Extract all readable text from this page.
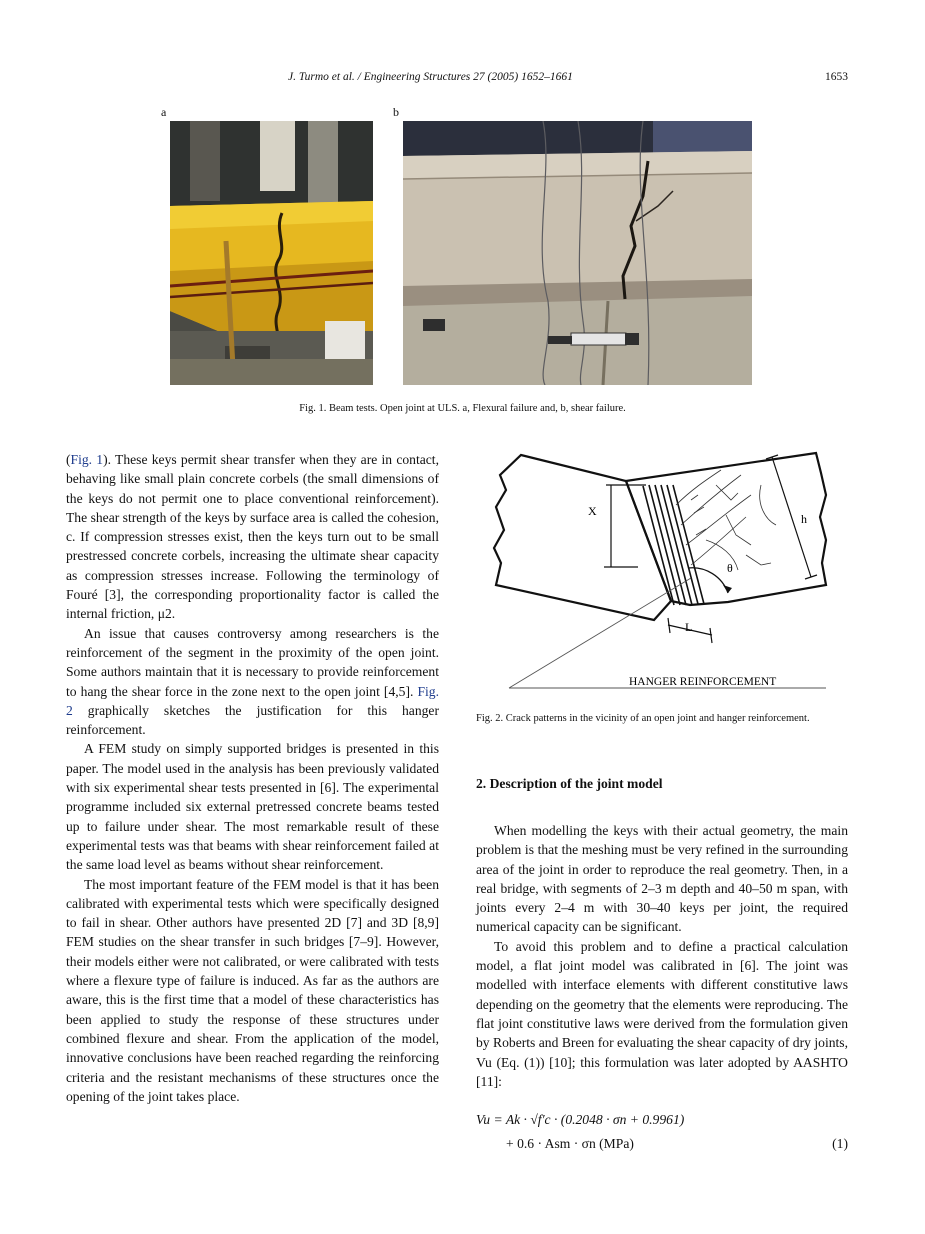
J. Turmo et al. / Engineering Structures 27 (2005) 1652–1661	1653
a	b
Fig. 1. Beam tests. Open joint at ULS. a, Flexural failure and, b, shear failure.

(Fig. 1). These keys permit shear transfer when they are in contact, behaving like small plain concrete corbels (the small dimensions of the keys do not permit one to place conventional reinforcement). The shear strength of the keys by surface area is called the cohesion, c. If compression stresses exist, then the keys turn out to be small prestressed concrete corbels, increasing the ultimate shear capacity as compression stresses increase. Following the terminology of Fouré [3], the corresponding proportionality factor is called the internal friction, μ2.

An issue that causes controversy among researchers is the reinforcement of the segment in the proximity of the open joint. Some authors maintain that it is necessary to provide reinforcement to hang the shear force in the zone next to the open joint [4,5]. Fig. 2 graphically sketches the justification for this hanger reinforcement.

A FEM study on simply supported bridges is presented in this paper. The model used in the analysis has been previously validated with six experimental shear tests presented in [6]. The experimental programme included six external pretressed concrete beams tested up to failure under shear. The most remarkable result of these experimental tests was that beams with shear reinforcement failed at the same load level as beams without shear reinforcement.

The most important feature of the FEM model is that it has been calibrated with experimental tests which were specifically designed to fail in shear. Other authors have presented 2D [7] and 3D [8,9] FEM studies on the shear transfer in such bridges [7–9]. However, their models either were not calibrated, or were calibrated with tests where a flexure type of failure is induced. As far as the authors are aware, this is the first time that a model of these characteristics has been applied to study the response of these structures under combined flexure and shear. From the application of the model, innovative conclusions have been reached regarding the reinforcing criteria and the resistant mechanisms of these structures once the opening of the joint takes place.

X
h
θ
L
HANGER REINFORCEMENT
Fig. 2. Crack patterns in the vicinity of an open joint and hanger reinforcement.
2. Description of the joint model

When modelling the keys with their actual geometry, the main problem is that the meshing must be very refined in the surrounding area of the joint in order to reproduce the real geometry. Then, in a real bridge, with segments of 2–3 m depth and 40–50 m span, with joints every 2–4 m with 30–40 keys per joint, the required numerical capacity can be significant.

To avoid this problem and to define a practical calculation model, a flat joint model was calibrated in [6]. The joint was modelled with interface elements with different constitutive laws depending on the geometry that the elements were reproducing. The flat joint constitutive laws were derived from the formulation given by Roberts and Breen for evaluating the shear capacity of dry joints, Vu (Eq. (1)) [10]; this formulation was later adopted by AASHTO [11]:

Vu = Ak · √f′c · (0.2048 · σn + 0.9961)
+ 0.6 · Asm · σn (MPa)	(1)
